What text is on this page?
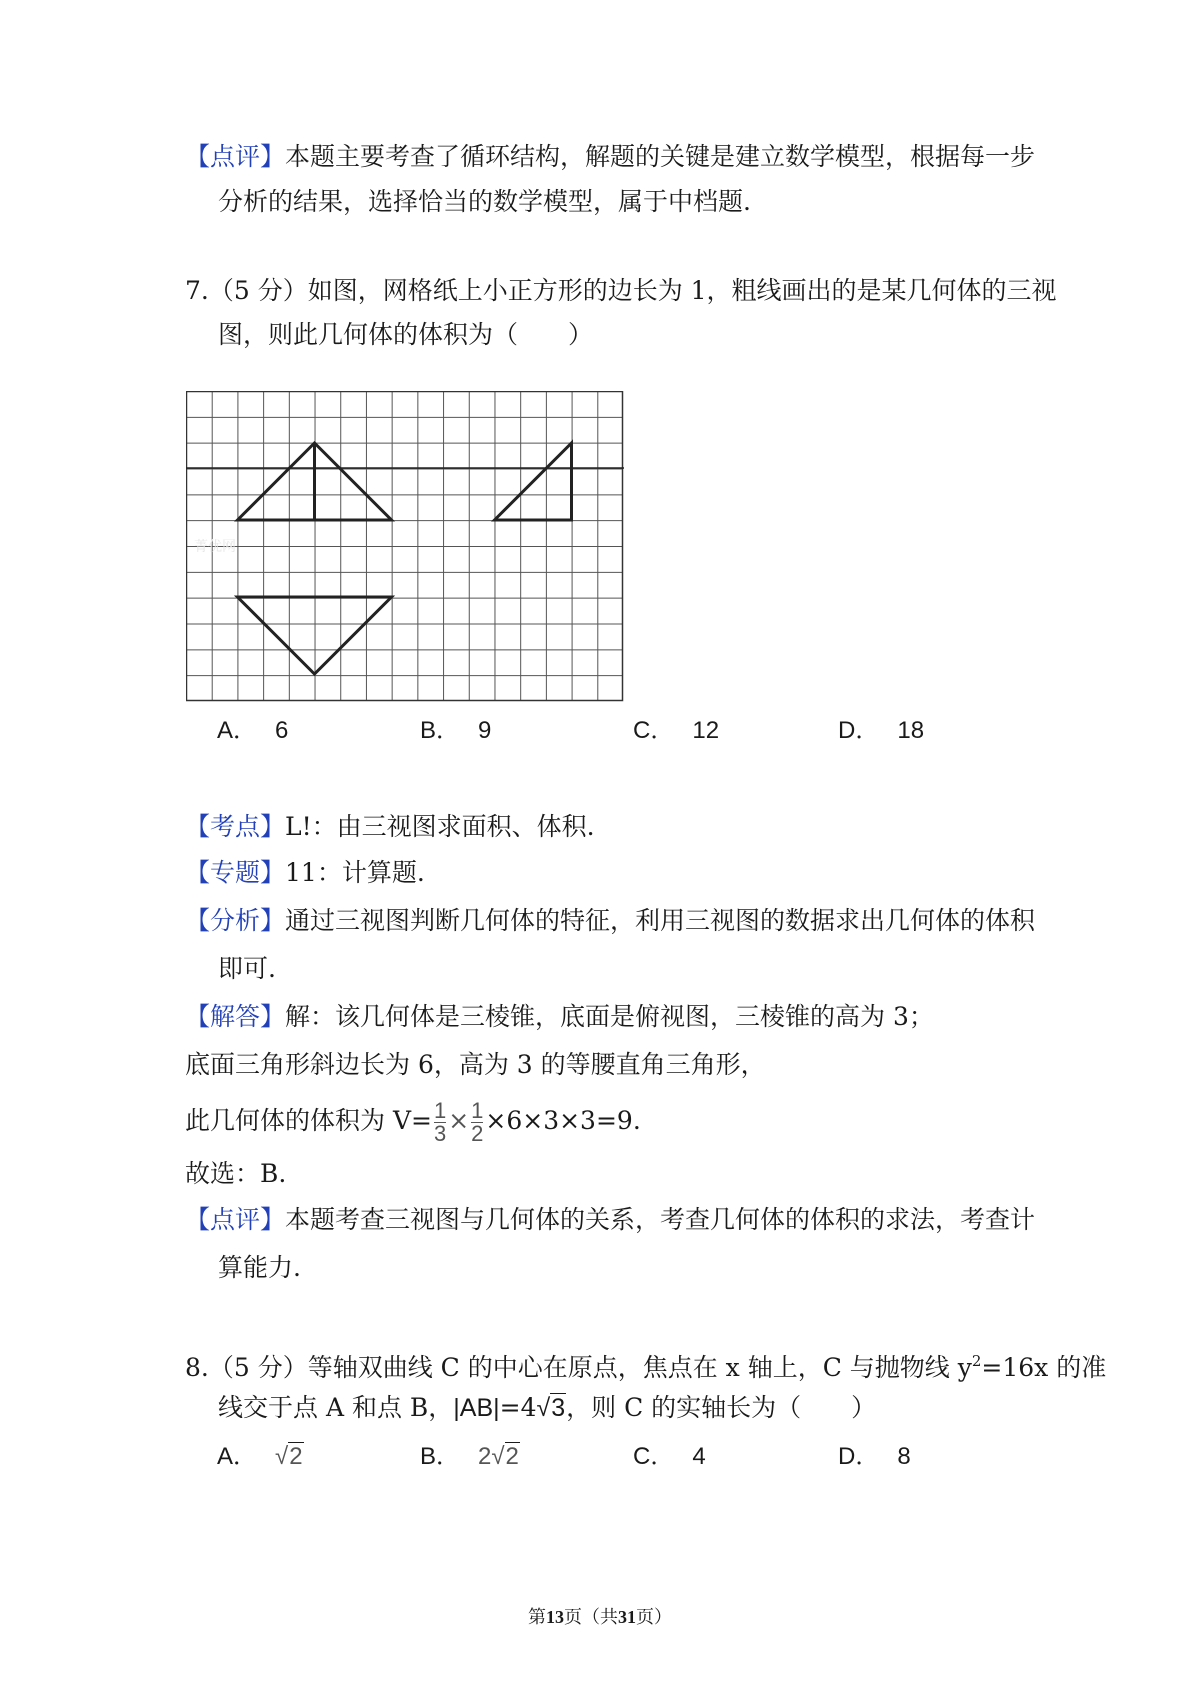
【点评】本题主要考查了循环结构，解题的关键是建立数学模型，根据每一步
分析的结果，选择恰当的数学模型，属于中档题.
7.（5 分）如图，网格纸上小正方形的边长为 1，粗线画出的是某几何体的三视
图，则此几何体的体积为（　　）
菁优网
A． 6	B． 9	C． 12	D． 18
【考点】L!：由三视图求面积、体积.
【专题】11：计算题.
【分析】通过三视图判断几何体的特征，利用三视图的数据求出几何体的体积
即可.
【解答】解：该几何体是三棱锥，底面是俯视图，三棱锥的高为 3；
底面三角形斜边长为 6，高为 3 的等腰直角三角形，
此几何体的体积为 $V= \frac{1}{3} \times \frac{1}{2} \times 6\times 3\times 3=9$.
故选：B.
【点评】本题考查三视图与几何体的关系，考查几何体的体积的求法，考查计
算能力.
8.（5 分）等轴双曲线 C 的中心在原点，焦点在 x 轴上，C 与抛物线 $y^2=16x$ 的准
线交于点 A 和点 B，|AB|=4√3，则 C 的实轴长为（　　）
A． √2	B． 2√2	C． 4	D． 8
第13页（共31页）
